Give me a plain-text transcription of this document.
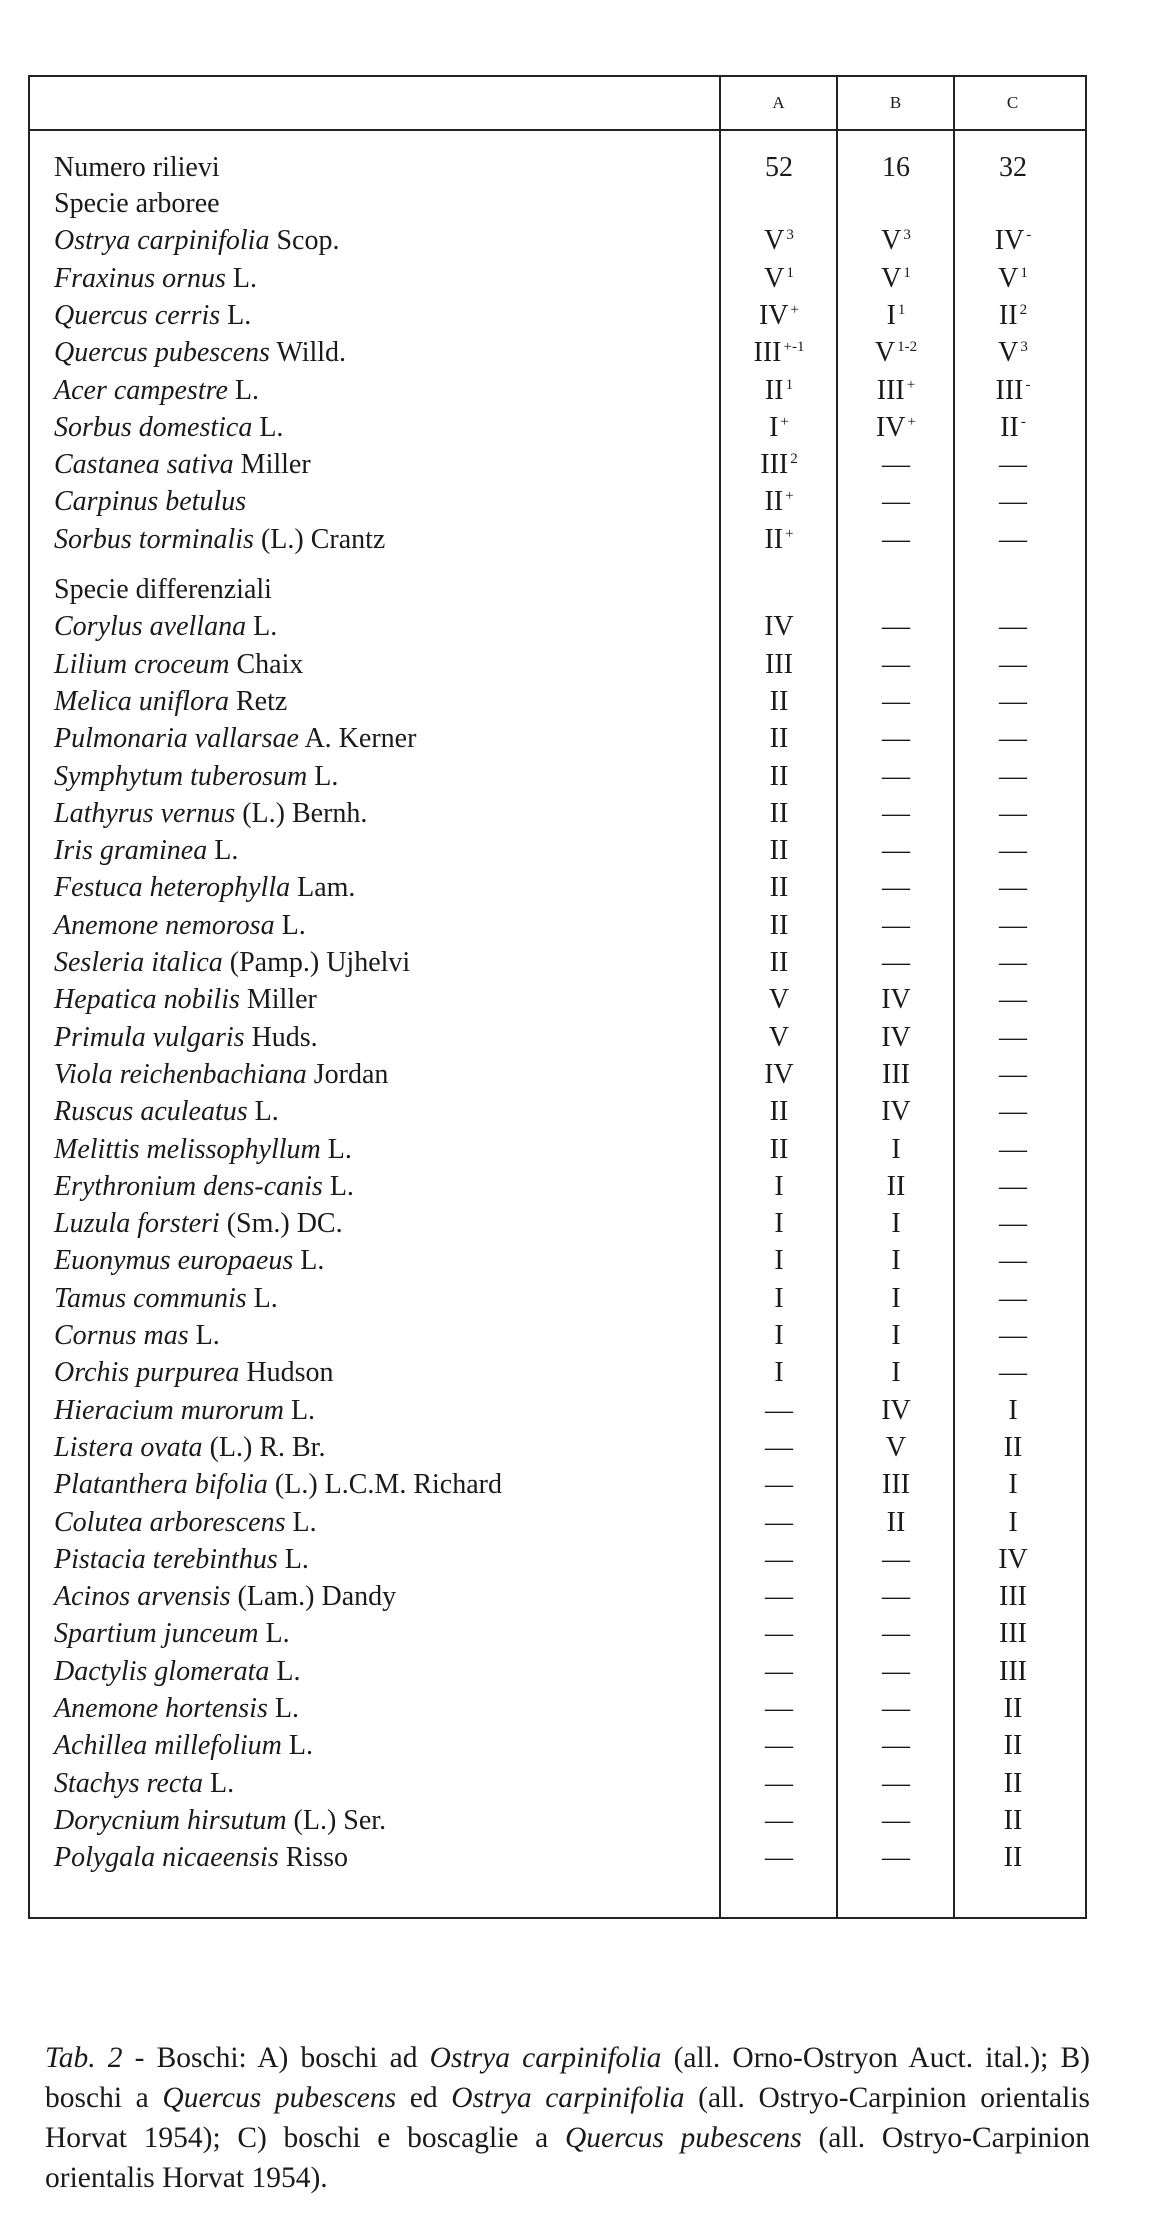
A	B	C
Numero rilievi	52	16	32
Specie arboree
Ostrya carpinifolia Scop.	V $^3$	V $^3$	IV -
Fraxinus ornus L.	V $^1$	V $^1$	V $^1$
Quercus cerris L.	IV +	I $^1$	II $^2$
Quercus pubescens Willd.	III $^{+-1}$	V $^{1-2}$	V $^3$
Acer campestre L.	II $^1$	III +	III -
Sorbus domestica L.	I +	IV +	II -
Castanea sativa Miller	III $^2$	—	—
Carpinus betulus	II +	—	—
Sorbus torminalis (L.) Crantz	II +	—	—
Specie differenziali
Corylus avellana L.	IV	—	—
Lilium croceum Chaix	III	—	—
Melica uniflora Retz	II	—	—
Pulmonaria vallarsae A. Kerner	II	—	—
Symphytum tuberosum L.	II	—	—
Lathyrus vernus (L.) Bernh.	II	—	—
Iris graminea L.	II	—	—
Festuca heterophylla Lam.	II	—	—
Anemone nemorosa L.	II	—	—
Sesleria italica (Pamp.) Ujhelvi	II	—	—
Hepatica nobilis Miller	V	IV	—
Primula vulgaris Huds.	V	IV	—
Viola reichenbachiana Jordan	IV	III	—
Ruscus aculeatus L.	II	IV	—
Melittis melissophyllum L.	II	I	—
Erythronium dens-canis L.	I	II	—
Luzula forsteri (Sm.) DC.	I	I	—
Euonymus europaeus L.	I	I	—
Tamus communis L.	I	I	—
Cornus mas L.	I	I	—
Orchis purpurea Hudson	I	I	—
Hieracium murorum L.	—	IV	I
Listera ovata (L.) R. Br.	—	V	II
Platanthera bifolia (L.) L.C.M. Richard	—	III	I
Colutea arborescens L.	—	II	I
Pistacia terebinthus L.	—	—	IV
Acinos arvensis (Lam.) Dandy	—	—	III
Spartium junceum L.	—	—	III
Dactylis glomerata L.	—	—	III
Anemone hortensis L.	—	—	II
Achillea millefolium L.	—	—	II
Stachys recta L.	—	—	II
Dorycnium hirsutum (L.) Ser.	—	—	II
Polygala nicaeensis Risso	—	—	II
Tab. 2 - Boschi: A) boschi ad Ostrya carpinifolia (all. Orno-Ostryon Auct. ital.); B) boschi a Quercus pubescens ed Ostrya carpinifolia (all. Ostryo-Carpinion orientalis Horvat 1954); C) boschi e boscaglie a Quercus pubescens (all. Ostryo-Carpinion orientalis Horvat 1954).
